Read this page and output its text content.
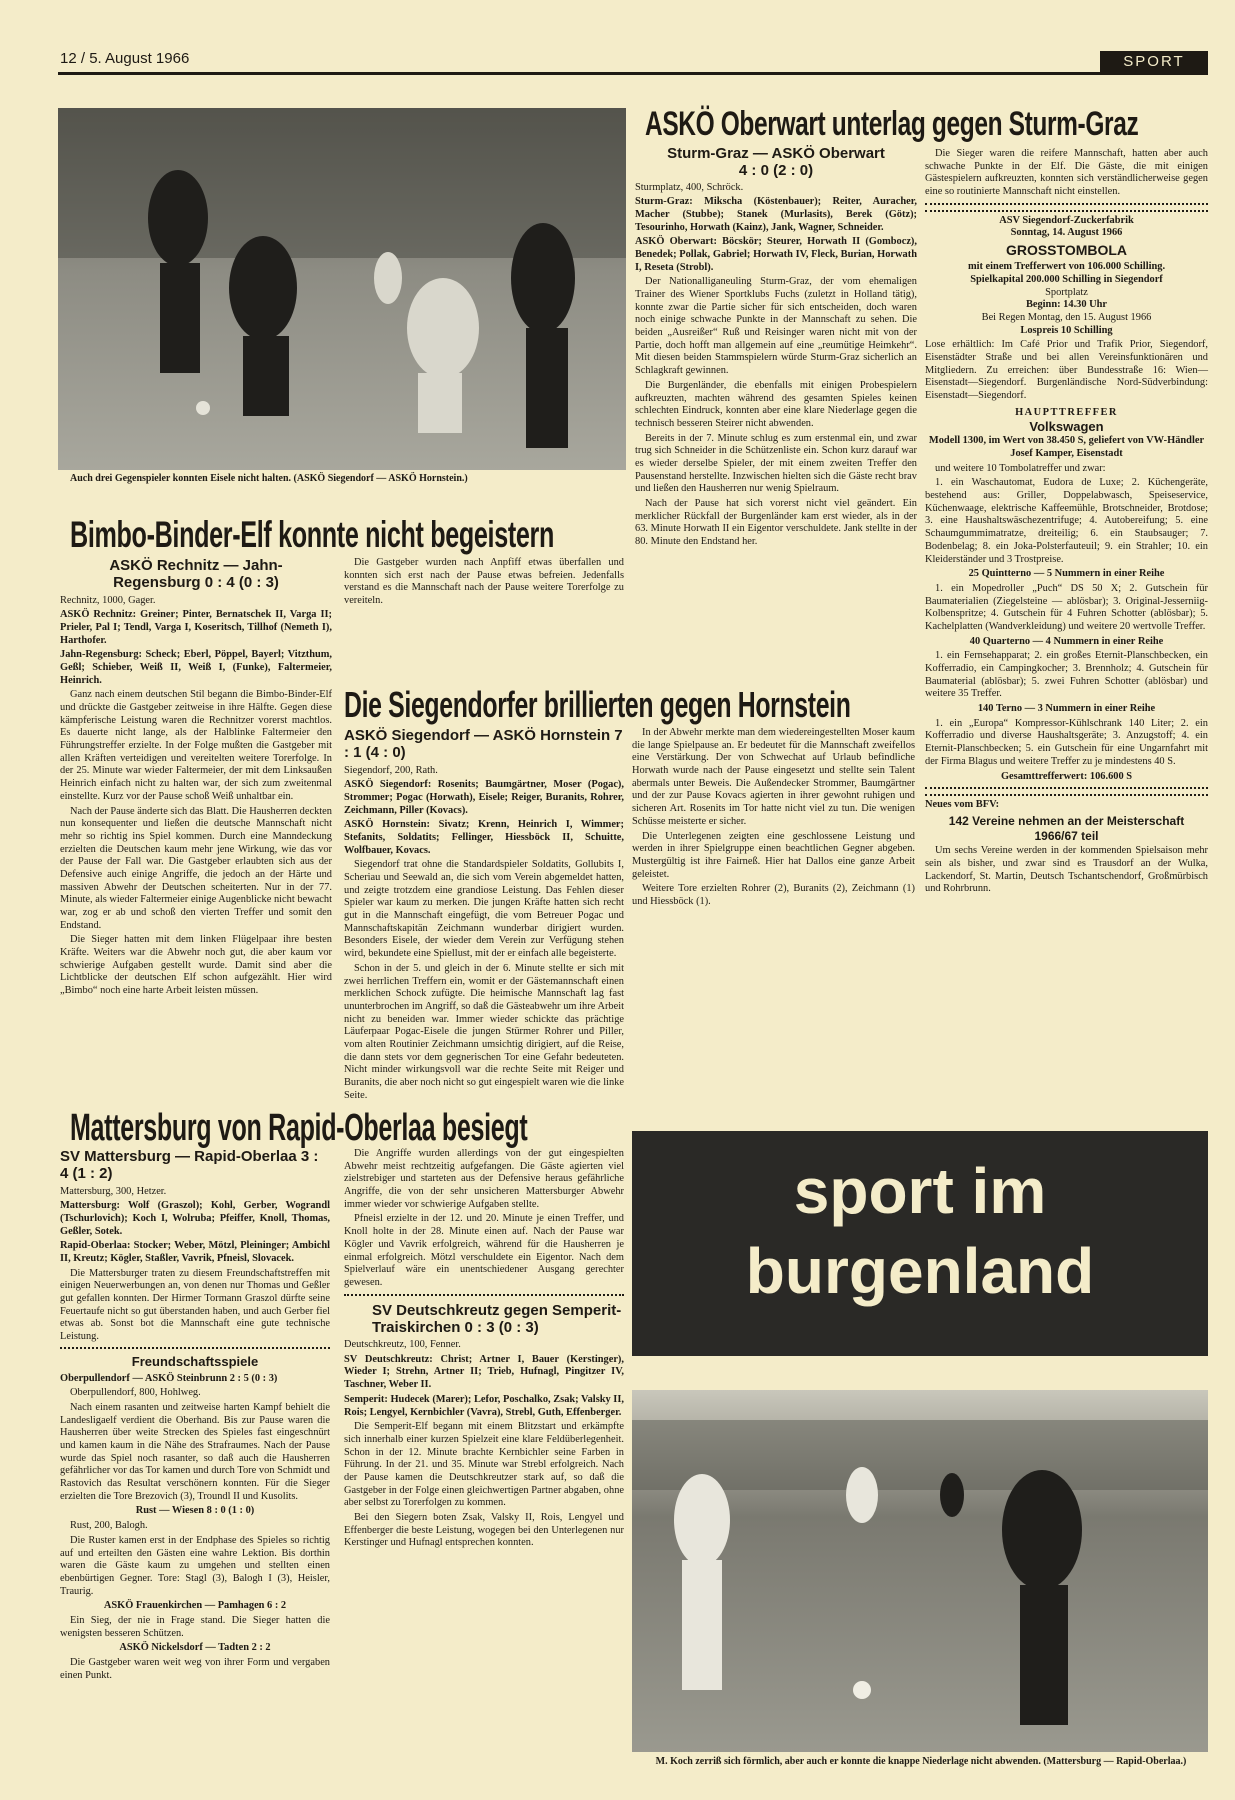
12 / 5. August 1966	SPORT
Auch drei Gegenspieler konnten Eisele nicht halten. (ASKÖ Siegendorf — ASKÖ Hornstein.)
ASKÖ Oberwart unterlag gegen Sturm-Graz
Sturm-Graz — ASKÖ Oberwart
4 : 0 (2 : 0)

Sturmplatz, 400, Schröck.

Sturm-Graz: Mikscha (Köstenbauer); Reiter, Auracher, Macher (Stubbe); Stanek (Murlasits), Berek (Götz); Tesourinho, Horwath (Kainz), Jank, Wagner, Schneider.

ASKÖ Oberwart: Böcskör; Steurer, Horwath II (Gombocz), Benedek; Pollak, Gabriel; Horwath IV, Fleck, Burian, Horwath I, Reseta (Strobl).

Der Nationalliganeuling Sturm-Graz, der vom ehemaligen Trainer des Wiener Sportklubs Fuchs (zuletzt in Holland tätig), konnte zwar die Partie sicher für sich entscheiden, doch waren noch einige schwache Punkte in der Mannschaft zu sehen. Die beiden „Ausreißer“ Ruß und Reisinger waren nicht mit von der Partie, doch hofft man allgemein auf eine „reumütige Heimkehr“. Mit diesen beiden Stammspielern würde Sturm-Graz sicherlich an Schlagkraft gewinnen.

Die Burgenländer, die ebenfalls mit einigen Probespielern aufkreuzten, machten während des gesamten Spieles keinen schlechten Eindruck, konnten aber eine klare Niederlage gegen die technisch besseren Steirer nicht abwenden.

Bereits in der 7. Minute schlug es zum erstenmal ein, und zwar trug sich Schneider in die Schützenliste ein. Schon kurz darauf war es wieder derselbe Spieler, der mit einem zweiten Treffer den Pausenstand herstellte. Inzwischen hielten sich die Gäste recht brav und ließen den Hausherren nur wenig Spielraum.

Nach der Pause hat sich vorerst nicht viel geändert. Ein merklicher Rückfall der Burgenländer kam erst wieder, als in der 63. Minute Horwath II ein Eigentor verschuldete. Jank stellte in der 80. Minute den Endstand her.

Die Sieger waren die reifere Mannschaft, hatten aber auch schwache Punkte in der Elf. Die Gäste, die mit einigen Gästespielern aufkreuzten, konnten sich verständlicherweise gegen eine so routinierte Mannschaft nicht einstellen.

ASV Siegendorf-Zuckerfabrik
Sonntag, 14. August 1966
GROSSTOMBOLA
mit einem Trefferwert von 106.000 Schilling.
Spielkapital 200.000 Schilling in Siegendorf
Sportplatz
Beginn: 14.30 Uhr
Bei Regen Montag, den 15. August 1966
Lospreis 10 Schilling

Lose erhältlich: Im Café Prior und Trafik Prior, Siegendorf, Eisenstädter Straße und bei allen Vereinsfunktionären und Mitgliedern. Zu erreichen: über Bundesstraße 16: Wien—Eisenstadt—Siegendorf. Burgenländische Nord-Südverbindung: Eisenstadt—Siegendorf.

HAUPTTREFFER
Volkswagen

Modell 1300, im Wert von 38.450 S, geliefert von VW-Händler Josef Kamper, Eisenstadt

und weitere 10 Tombolatreffer und zwar:

1. ein Waschautomat, Eudora de Luxe; 2. Küchengeräte, bestehend aus: Griller, Doppelabwasch, Speiseservice, Küchenwaage, elektrische Kaffeemühle, Brotschneider, Brotdose; 3. eine Haushaltswäschezentrifuge; 4. Autobereifung; 5. eine Schaumgummimatratze, dreiteilig; 6. ein Staubsauger; 7. Bodenbelag; 8. ein Joka-Polsterfauteuil; 9. ein Strahler; 10. ein Kleiderständer und 3 Trostpreise.

25 Quintterno — 5 Nummern in einer Reihe

1. ein Mopedroller „Puch“ DS 50 X; 2. Gutschein für Baumaterialien (Ziegelsteine — ablösbar); 3. Original-Jesserniig-Kolbenspritze; 4. Gutschein für 4 Fuhren Schotter (ablösbar); 5. Kachelplatten (Wandverkleidung) und weitere 20 wertvolle Treffer.

40 Quarterno — 4 Nummern in einer Reihe

1. ein Fernsehapparat; 2. ein großes Eternit-Planschbecken, ein Kofferradio, ein Campingkocher; 3. Brennholz; 4. Gutschein für Baumaterial (ablösbar); 5. zwei Fuhren Schotter (ablösbar) und weitere 35 Treffer.

140 Terno — 3 Nummern in einer Reihe

1. ein „Europa“ Kompressor-Kühlschrank 140 Liter; 2. ein Kofferradio und diverse Haushaltsgeräte; 3. Anzugstoff; 4. ein Eternit-Planschbecken; 5. ein Gutschein für eine Ungarnfahrt mit der Firma Blagus und weitere Treffer zu je mindestens 40 S.

Gesamttrefferwert: 106.600 S

Neues vom BFV:

142 Vereine nehmen an der Meisterschaft 1966/67 teil

Um sechs Vereine werden in der kommenden Spielsaison mehr sein als bisher, und zwar sind es Trausdorf an der Wulka, Lackendorf, St. Martin, Deutsch Tschantschendorf, Großmürbisch und Rohrbrunn.

Bimbo-Binder-Elf konnte nicht begeistern
ASKÖ Rechnitz — Jahn-Regensburg 0 : 4 (0 : 3)

Rechnitz, 1000, Gager.

ASKÖ Rechnitz: Greiner; Pinter, Bernatschek II, Varga II; Prieler, Pal I; Tendl, Varga I, Koseritsch, Tillhof (Nemeth I), Harthofer.

Jahn-Regensburg: Scheck; Eberl, Pöppel, Bayerl; Vitzthum, Geßl; Schieber, Weiß II, Weiß I, (Funke), Faltermeier, Heinrich.

Ganz nach einem deutschen Stil begann die Bimbo-Binder-Elf und drückte die Gastgeber zeitweise in ihre Hälfte. Gegen diese kämpferische Leistung waren die Rechnitzer vorerst machtlos. Es dauerte nicht lange, als der Halblinke Faltermeier den Führungstreffer erzielte. In der Folge mußten die Gastgeber mit allen Kräften verteidigen und vereitelten weitere Torerfolge. In der 25. Minute war wieder Faltermeier, der mit dem Linksaußen Heinrich einfach nicht zu halten war, der sich zum zweitenmal einstellte. Kurz vor der Pause schoß Weiß unhaltbar ein.

Nach der Pause änderte sich das Blatt. Die Hausherren deckten nun konsequenter und ließen die deutsche Mannschaft nicht mehr so richtig ins Spiel kommen. Durch eine Manndeckung erzielten die Deutschen kaum mehr jene Wirkung, wie das vor der Pause der Fall war. Die Gastgeber erlaubten sich aus der Defensive auch einige Angriffe, die jedoch an der Härte und massiven Abwehr der Deutschen scheiterten. Nur in der 77. Minute, als wieder Faltermeier einige Augenblicke nicht bewacht war, zog er ab und schoß den vierten Treffer und somit den Endstand.

Die Sieger hatten mit dem linken Flügelpaar ihre besten Kräfte. Weiters war die Abwehr noch gut, die aber kaum vor schwierige Aufgaben gestellt wurde. Damit sind aber die Lichtblicke der deutschen Elf schon aufgezählt. Hier wird „Bimbo“ noch eine harte Arbeit leisten müssen.

Die Gastgeber wurden nach Anpfiff etwas überfallen und konnten sich erst nach der Pause etwas befreien. Jedenfalls verstand es die Mannschaft nach der Pause weitere Torerfolge zu vereiteln.

Die Siegendorfer brillierten gegen Hornstein
ASKÖ Siegendorf — ASKÖ Hornstein 7 : 1 (4 : 0)

Siegendorf, 200, Rath.

ASKÖ Siegendorf: Rosenits; Baumgärtner, Moser (Pogac), Strommer; Pogac (Horwath), Eisele; Reiger, Buranits, Rohrer, Zeichmann, Piller (Kovacs).

ASKÖ Hornstein: Sivatz; Krenn, Heinrich I, Wimmer; Stefanits, Soldatits; Fellinger, Hiessböck II, Schuitte, Wolfbauer, Kovacs.

Siegendorf trat ohne die Standardspieler Soldatits, Gollubits I, Scheriau und Seewald an, die sich vom Verein abgemeldet hatten, und zeigte trotzdem eine grandiose Leistung. Das Fehlen dieser Spieler war kaum zu merken. Die jungen Kräfte hatten sich recht gut in die Mannschaft eingefügt, die vom Betreuer Pogac und Mannschaftskapitän Zeichmann wunderbar dirigiert wurden. Besonders Eisele, der wieder dem Verein zur Verfügung stehen wird, bekundete eine Spiellust, mit der er einfach alle begeisterte.

Schon in der 5. und gleich in der 6. Minute stellte er sich mit zwei herrlichen Treffern ein, womit er der Gästemannschaft einen merklichen Schock zufügte. Die heimische Mannschaft lag fast ununterbrochen im Angriff, so daß die Gästeabwehr um ihre Arbeit nicht zu beneiden war. Immer wieder schickte das prächtige Läuferpaar Pogac-Eisele die jungen Stürmer Rohrer und Piller, vom alten Routinier Zeichmann umsichtig dirigiert, auf die Reise, die dann stets vor dem gegnerischen Tor eine Gefahr bedeuteten. Nicht minder wirkungsvoll war die rechte Seite mit Reiger und Buranits, die aber noch nicht so gut eingespielt waren wie die linke Seite.

In der Abwehr merkte man dem wiedereingestellten Moser kaum die lange Spielpause an. Er bedeutet für die Mannschaft zweifellos eine Verstärkung. Der von Schwechat auf Urlaub befindliche Horwath wurde nach der Pause eingesetzt und stellte sein Talent abermals unter Beweis. Die Außendecker Strommer, Baumgärtner und der zur Pause Kovacs agierten in ihrer gewohnt ruhigen und sicheren Art. Rosenits im Tor hatte nicht viel zu tun. Die wenigen Schüsse meisterte er sicher.

Die Unterlegenen zeigten eine geschlossene Leistung und werden in ihrer Spielgruppe einen beachtlichen Gegner abgeben. Mustergültig ist ihre Fairneß. Hier hat Dallos eine ganze Arbeit geleistet.

Weitere Tore erzielten Rohrer (2), Buranits (2), Zeichmann (1) und Hiessböck (1).

Mattersburg von Rapid-Oberlaa besiegt
SV Mattersburg — Rapid-Oberlaa 3 : 4 (1 : 2)

Mattersburg, 300, Hetzer.

Mattersburg: Wolf (Graszol); Kohl, Gerber, Wograndl (Tschurlovich); Koch I, Wolruba; Pfeiffer, Knoll, Thomas, Geßler, Sotek.

Rapid-Oberlaa: Stocker; Weber, Mötzl, Pleininger; Ambichl II, Kreutz; Kögler, Staßler, Vavrik, Pfneisl, Slovacek.

Die Mattersburger traten zu diesem Freundschaftstreffen mit einigen Neuerwerbungen an, von denen nur Thomas und Geßler gut gefallen konnten. Der Hirmer Tormann Graszol dürfte seine Feuertaufe nicht so gut überstanden haben, und auch Gerber fiel etwas ab. Sonst bot die Mannschaft eine gute technische Leistung.

Freundschaftsspiele

Oberpullendorf — ASKÖ Steinbrunn 2 : 5 (0 : 3)

Oberpullendorf, 800, Hohlweg.

Nach einem rasanten und zeitweise harten Kampf behielt die Landesligaelf verdient die Oberhand. Bis zur Pause waren die Hausherren über weite Strecken des Spieles fast eingeschnürt und kamen kaum in die Nähe des Strafraumes. Nach der Pause wurde das Spiel noch rasanter, so daß auch die Hausherren gefährlicher vor das Tor kamen und durch Tore von Schmidt und Rastovich das Resultat verschönern konnten. Für die Sieger erzielten die Tore Brezovich (3), Troundl II und Kusolits.

Rust — Wiesen 8 : 0 (1 : 0)

Rust, 200, Balogh.

Die Ruster kamen erst in der Endphase des Spieles so richtig auf und erteilten den Gästen eine wahre Lektion. Bis dorthin waren die Gäste kaum zu umgehen und stellten einen ebenbürtigen Gegner. Tore: Stagl (3), Balogh I (3), Heisler, Traurig.

ASKÖ Frauenkirchen — Pamhagen 6 : 2

Ein Sieg, der nie in Frage stand. Die Sieger hatten die wenigsten besseren Schützen.

ASKÖ Nickelsdorf — Tadten 2 : 2

Die Gastgeber waren weit weg von ihrer Form und vergaben einen Punkt.

Die Angriffe wurden allerdings von der gut eingespielten Abwehr meist rechtzeitig aufgefangen. Die Gäste agierten viel zielstrebiger und starteten aus der Defensive heraus gefährliche Angriffe, die von der sehr unsicheren Mattersburger Abwehr immer wieder vor schwierige Aufgaben stellte.

Pfneisl erzielte in der 12. und 20. Minute je einen Treffer, und Knoll holte in der 28. Minute einen auf. Nach der Pause war Kögler und Vavrik erfolgreich, während für die Hausherren je einmal erfolgreich. Mötzl verschuldete ein Eigentor. Nach dem Spielverlauf wäre ein unentschiedener Ausgang gerechter gewesen.

SV Deutschkreutz gegen Semperit-Traiskirchen 0 : 3 (0 : 3)

Deutschkreutz, 100, Fenner.

SV Deutschkreutz: Christ; Artner I, Bauer (Kerstinger), Wieder I; Strehn, Artner II; Trieb, Hufnagl, Pingitzer IV, Taschner, Weber II.

Semperit: Hudecek (Marer); Lefor, Poschalko, Zsak; Valsky II, Rois; Lengyel, Kernbichler (Vavra), Strebl, Guth, Effenberger.

Die Semperit-Elf begann mit einem Blitzstart und erkämpfte sich innerhalb einer kurzen Spielzeit eine klare Feldüberlegenheit. Schon in der 12. Minute brachte Kernbichler seine Farben in Führung. In der 21. und 35. Minute war Strebl erfolgreich. Nach der Pause kamen die Deutschkreutzer stark auf, so daß die Gastgeber in der Folge einen gleichwertigen Partner abgaben, ohne aber selbst zu Torerfolgen zu kommen.

Bei den Siegern boten Zsak, Valsky II, Rois, Lengyel und Effenberger die beste Leistung, wogegen bei den Unterlegenen nur Kerstinger und Hufnagl entsprechen konnten.

sport im
burgenland
M. Koch zerriß sich förmlich, aber auch er konnte die knappe Niederlage nicht abwenden. (Mattersburg — Rapid-Oberlaa.)
